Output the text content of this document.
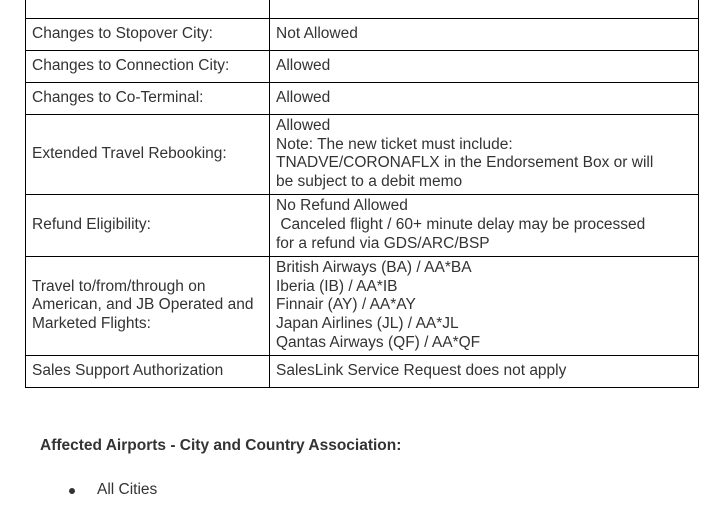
Changes to Stopover City:	Not Allowed

Changes to Connection City:	Allowed

Changes to Co-Terminal:	Allowed

Extended Travel Rebooking:	Allowed
Note: The new ticket must include:
TNADVE/CORONAFLX in the Endorsement Box or will
be subject to a debit memo

Refund Eligibility:	No Refund Allowed
Canceled flight / 60+ minute delay may be processed
for a refund via GDS/ARC/BSP

Travel to/from/through on American, and JB Operated and Marketed Flights:	British Airways (BA) / AA*BA
Iberia (IB) / AA*IB
Finnair (AY) / AA*AY
Japan Airlines (JL) / AA*JL
Qantas Airways (QF) / AA*QF

Sales Support Authorization	SalesLink Service Request does not apply
Affected Airports - City and Country Association:
All Cities
